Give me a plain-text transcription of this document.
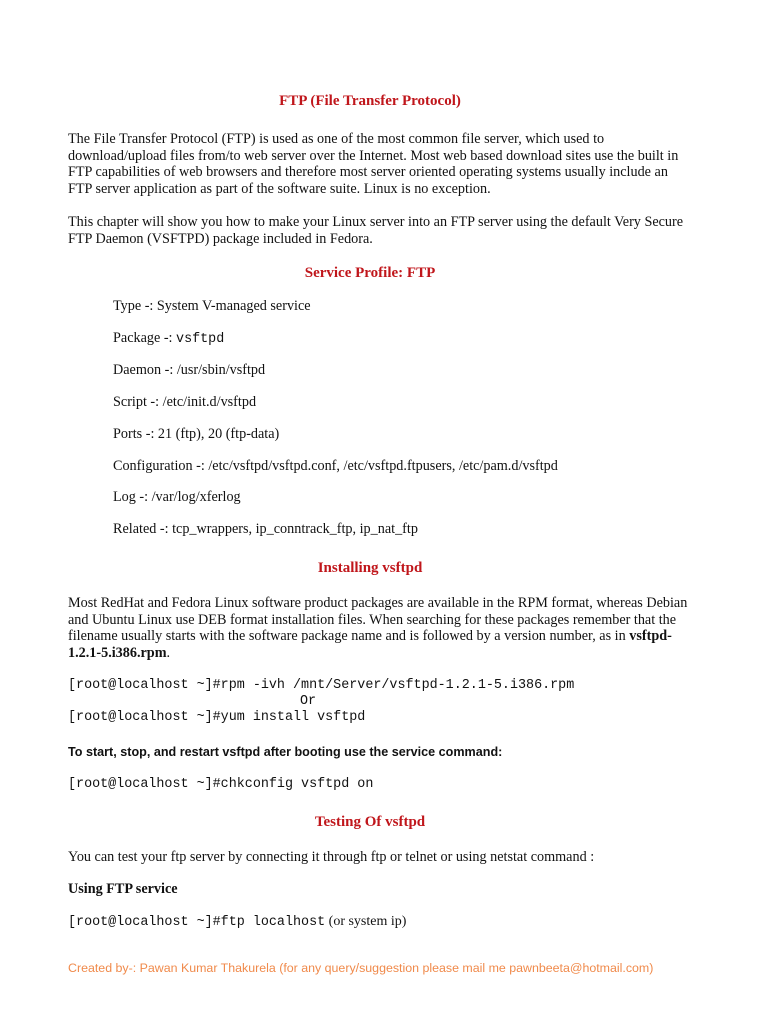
FTP (File Transfer Protocol)
The File Transfer Protocol (FTP) is used as one of the most common file server, which used to
download/upload files from/to web server over the Internet. Most web based download sites use the built in
FTP capabilities of web browsers and therefore most server oriented operating systems usually include an
FTP server application as part of the software suite. Linux is no exception.
This chapter will show you how to make your Linux server into an FTP server using the default Very Secure
FTP Daemon (VSFTPD) package included in Fedora.
Service Profile: FTP
Type -: System V-managed service
Package -: vsftpd
Daemon -: /usr/sbin/vsftpd
Script -: /etc/init.d/vsftpd
Ports -: 21 (ftp), 20 (ftp-data)
Configuration -: /etc/vsftpd/vsftpd.conf, /etc/vsftpd.ftpusers, /etc/pam.d/vsftpd
Log -: /var/log/xferlog
Related -: tcp_wrappers, ip_conntrack_ftp, ip_nat_ftp
Installing vsftpd
Most RedHat and Fedora Linux software product packages are available in the RPM format, whereas Debian
and Ubuntu Linux use DEB format installation files. When searching for these packages remember that the
filename usually starts with the software package name and is followed by a version number, as in vsftpd-
1.2.1-5.i386.rpm.
[root@localhost ~]#rpm -ivh /mnt/Server/vsftpd-1.2.1-5.i386.rpm
Or
[root@localhost ~]#yum install vsftpd
To start, stop, and restart vsftpd after booting use the service command:
[root@localhost ~]#chkconfig vsftpd on
Testing Of vsftpd
You can test your ftp server by connecting it through ftp or telnet or using netstat command :
Using FTP service
[root@localhost ~]#ftp localhost (or system ip)
Created by-: Pawan Kumar Thakurela (for any query/suggestion please mail me pawnbeeta@hotmail.com)
